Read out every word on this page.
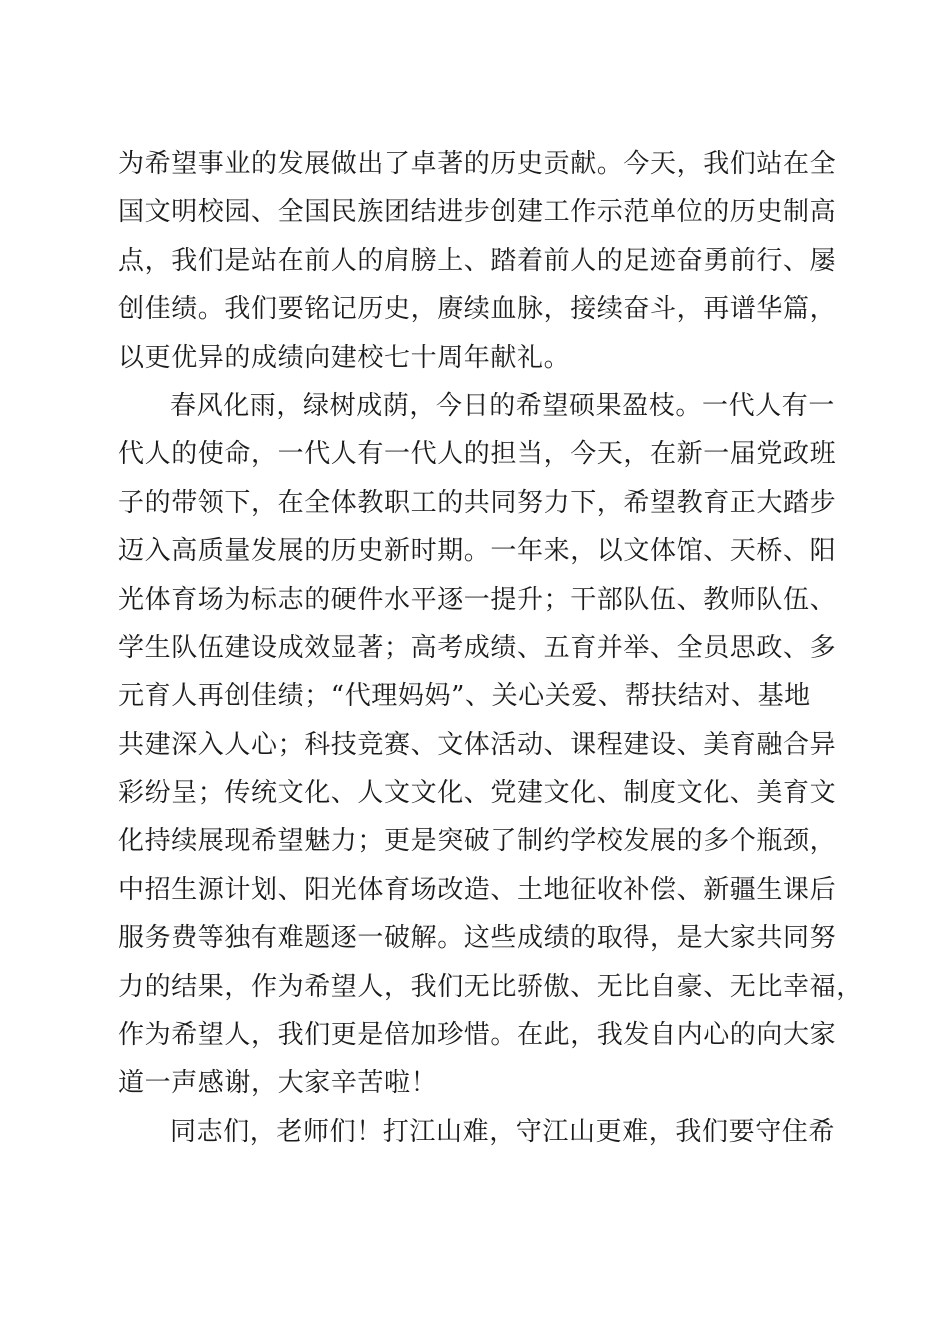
为希望事业的发展做出了卓著的历史贡献。今天，我们站在全
国文明校园、全国民族团结进步创建工作示范单位的历史制高
点，我们是站在前人的肩膀上、踏着前人的足迹奋勇前行、屡
创佳绩。我们要铭记历史，赓续血脉，接续奋斗，再谱华篇，
以更优异的成绩向建校七十周年献礼。
春风化雨，绿树成荫，今日的希望硕果盈枝。一代人有一
代人的使命，一代人有一代人的担当，今天，在新一届党政班
子的带领下，在全体教职工的共同努力下，希望教育正大踏步
迈入高质量发展的历史新时期。一年来，以文体馆、天桥、阳
光体育场为标志的硬件水平逐一提升；干部队伍、教师队伍、
学生队伍建设成效显著；高考成绩、五育并举、全员思政、多
元育人再创佳绩；“代理妈妈”、关心关爱、帮扶结对、基地
共建深入人心；科技竞赛、文体活动、课程建设、美育融合异
彩纷呈；传统文化、人文文化、党建文化、制度文化、美育文
化持续展现希望魅力；更是突破了制约学校发展的多个瓶颈，
中招生源计划、阳光体育场改造、土地征收补偿、新疆生课后
服务费等独有难题逐一破解。这些成绩的取得，是大家共同努
力的结果，作为希望人，我们无比骄傲、无比自豪、无比幸福，
作为希望人，我们更是倍加珍惜。在此，我发自内心的向大家
道一声感谢，大家辛苦啦！
同志们，老师们！打江山难，守江山更难，我们要守住希
